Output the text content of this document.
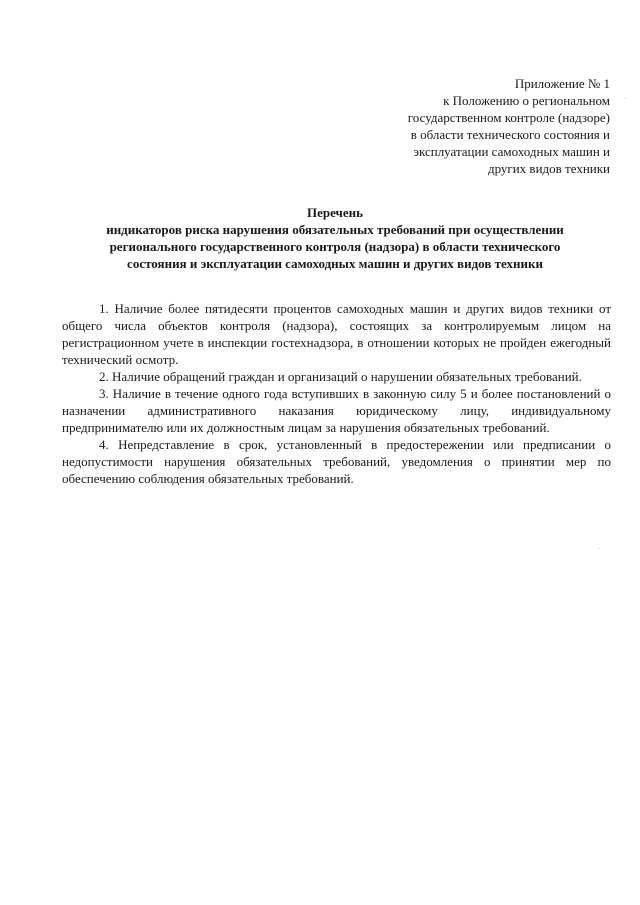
Приложение № 1
к Положению о региональном
государственном контроле (надзоре)
в области технического состояния и
эксплуатации самоходных машин и
других видов техники
Перечень
индикаторов риска нарушения обязательных требований при осуществлении
регионального государственного контроля (надзора) в области технического
состояния и эксплуатации самоходных машин и других видов техники

1. Наличие более пятидесяти процентов самоходных машин и других видов техники от общего числа объектов контроля (надзора), состоящих за контролируемым лицом на регистрационном учете в инспекции гостехнадзора, в отношении которых не пройден ежегодный технический осмотр.

2. Наличие обращений граждан и организаций о нарушении обязательных требований.

3. Наличие в течение одного года вступивших в законную силу 5 и более постановлений о назначении административного наказания юридическому лицу, индивидуальному предпринимателю или их должностным лицам за нарушения обязательных требований.

4. Непредставление в срок, установленный в предостережении или предписании о недопустимости нарушения обязательных требований, уведомления о принятии мер по обеспечению соблюдения обязательных требований.
